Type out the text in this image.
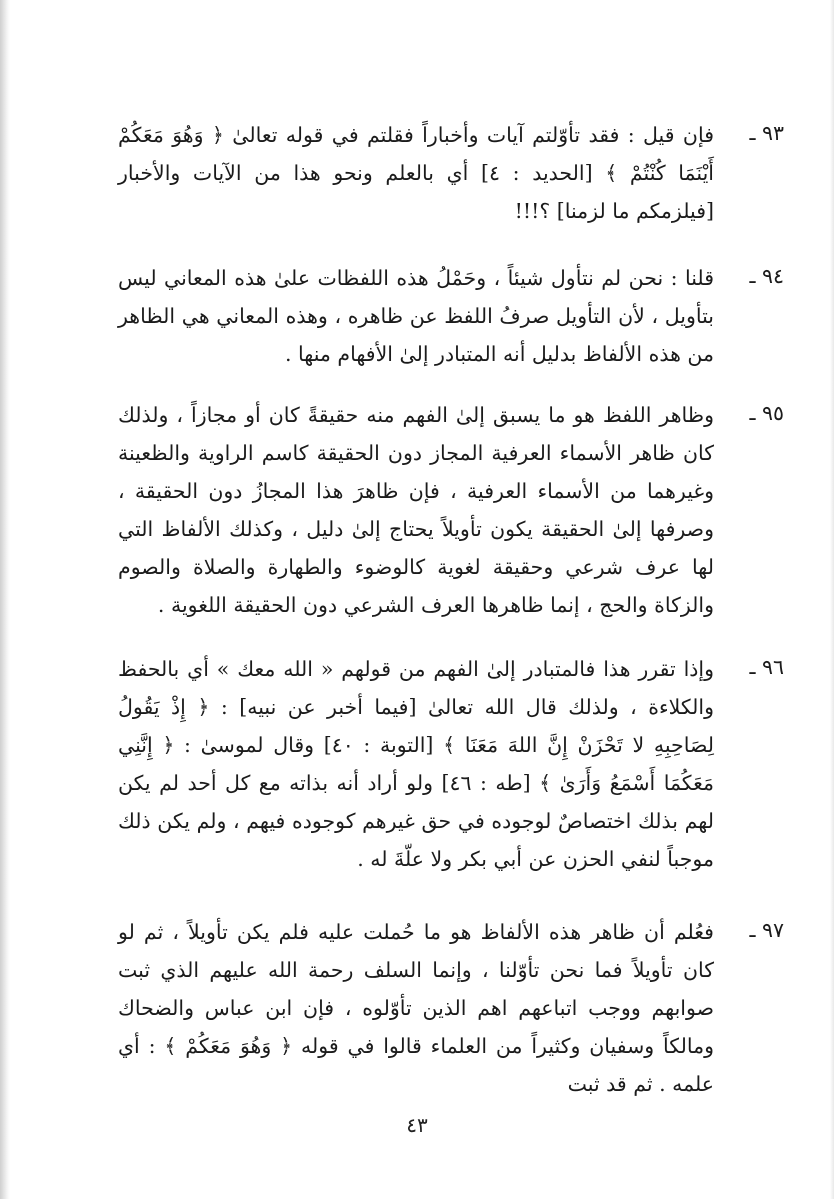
٩٣ ـ
فإن قيل : فقد تأوّلتم آيات وأخباراً فقلتم في قوله تعالىٰ ﴿ وَهُوَ مَعَكُمْ أَيْنَمَا كُنْتُمْ ﴾ [الحديد : ٤] أي بالعلم ونحو هذا من الآيات والأخبار [فيلزمكم ما لزمنا] ؟!!!
٩٤ ـ
قلنا : نحن لم نتأول شيئاً ، وحَمْلُ هذه اللفظات علىٰ هذه المعاني ليس بتأويل ، لأن التأويل صرفُ اللفظ عن ظاهره ، وهذه المعاني هي الظاهر من هذه الألفاظ بدليل أنه المتبادر إلىٰ الأفهام منها .
٩٥ ـ
وظاهر اللفظ هو ما يسبق إلىٰ الفهم منه حقيقةً كان أو مجازاً ، ولذلك كان ظاهر الأسماء العرفية المجاز دون الحقيقة كاسم الراوية والظعينة وغيرهما من الأسماء العرفية ، فإن ظاهرَ هذا المجازُ دون الحقيقة ، وصرفها إلىٰ الحقيقة يكون تأويلاً يحتاج إلىٰ دليل ، وكذلك الألفاظ التي لها عرف شرعي وحقيقة لغوية كالوضوء والطهارة والصلاة والصوم والزكاة والحج ، إنما ظاهرها العرف الشرعي دون الحقيقة اللغوية .
٩٦ ـ
وإذا تقرر هذا فالمتبادر إلىٰ الفهم من قولهم « الله معك » أي بالحفظ والكلاءة ، ولذلك قال الله تعالىٰ [فيما أخبر عن نبيه] : ﴿ إِذْ يَقُولُ لِصَاحِبِهِ لا تَحْزَنْ إِنَّ اللهَ مَعَنَا ﴾ [التوبة : ٤٠] وقال لموسىٰ : ﴿ إِنَّنِي مَعَكُمَا أَسْمَعُ وَأَرَىٰ ﴾ [طه : ٤٦] ولو أراد أنه بذاته مع كل أحد لم يكن لهم بذلك اختصاصٌ لوجوده في حق غيرهم كوجوده فيهم ، ولم يكن ذلك موجباً لنفي الحزن عن أبي بكر ولا علّةَ له .
٩٧ ـ
فعُلم أن ظاهر هذه الألفاظ هو ما حُملت عليه فلم يكن تأويلاً ، ثم لو كان تأويلاً فما نحن تأوّلنا ، وإنما السلف رحمة الله عليهم الذي ثبت صوابهم ووجب اتباعهم اهم الذين تأوّلوه ، فإن ابن عباس والضحاك ومالكاً وسفيان وكثيراً من العلماء قالوا في قوله ﴿ وَهُوَ مَعَكُمْ ﴾ : أي علمه . ثم قد ثبت
٤٣
